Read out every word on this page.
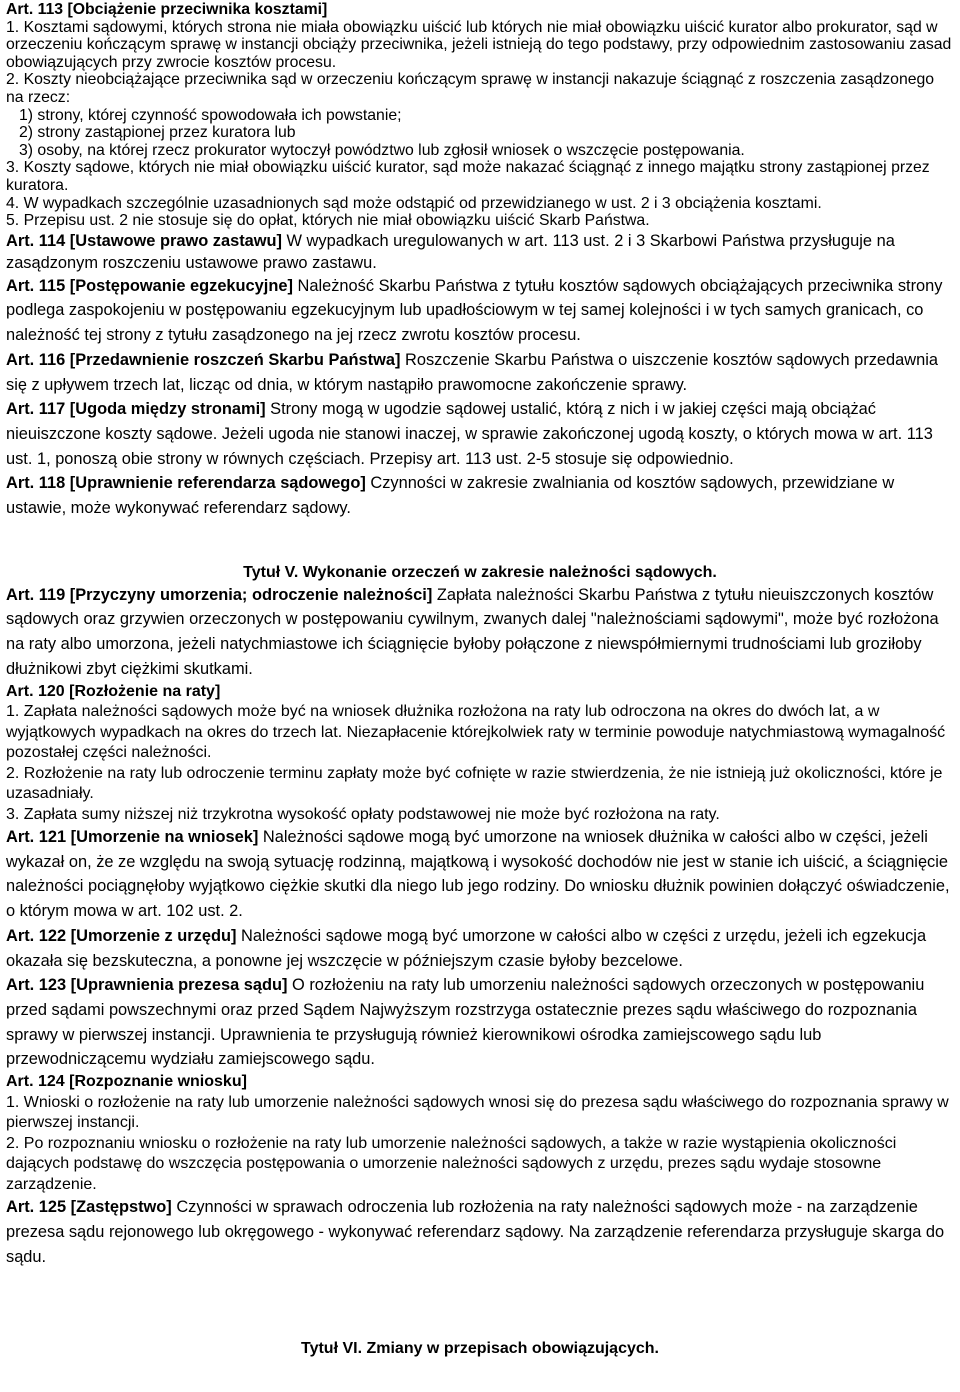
Art. 113 [Obciążenie przeciwnika kosztami]

1. Kosztami sądowymi, których strona nie miała obowiązku uiścić lub których nie miał obowiązku uiścić kurator albo prokurator, sąd w orzeczeniu kończącym sprawę w instancji obciąży przeciwnika, jeżeli istnieją do tego podstawy, przy odpowiednim zastosowaniu zasad obowiązujących przy zwrocie kosztów procesu.

2. Koszty nieobciążające przeciwnika sąd w orzeczeniu kończącym sprawę w instancji nakazuje ściągnąć z roszczenia zasądzonego na rzecz:

1) strony, której czynność spowodowała ich powstanie;

2) strony zastąpionej przez kuratora lub

3) osoby, na której rzecz prokurator wytoczył powództwo lub zgłosił wniosek o wszczęcie postępowania.

3. Koszty sądowe, których nie miał obowiązku uiścić kurator, sąd może nakazać ściągnąć z innego majątku strony zastąpionej przez kuratora.

4. W wypadkach szczególnie uzasadnionych sąd może odstąpić od przewidzianego w ust. 2 i 3 obciążenia kosztami.

5. Przepisu ust. 2 nie stosuje się do opłat, których nie miał obowiązku uiścić Skarb Państwa.

Art. 114 [Ustawowe prawo zastawu] W wypadkach uregulowanych w art. 113 ust. 2 i 3 Skarbowi Państwa przysługuje na zasądzonym roszczeniu ustawowe prawo zastawu.

Art. 115 [Postępowanie egzekucyjne] Należność Skarbu Państwa z tytułu kosztów sądowych obciążających przeciwnika strony podlega zaspokojeniu w postępowaniu egzekucyjnym lub upadłościowym w tej samej kolejności i w tych samych granicach, co należność tej strony z tytułu zasądzonego na jej rzecz zwrotu kosztów procesu.

Art. 116 [Przedawnienie roszczeń Skarbu Państwa] Roszczenie Skarbu Państwa o uiszczenie kosztów sądowych przedawnia się z upływem trzech lat, licząc od dnia, w którym nastąpiło prawomocne zakończenie sprawy.

Art. 117 [Ugoda między stronami] Strony mogą w ugodzie sądowej ustalić, którą z nich i w jakiej części mają obciążać nieuiszczone koszty sądowe. Jeżeli ugoda nie stanowi inaczej, w sprawie zakończonej ugodą koszty, o których mowa w art. 113 ust. 1, ponoszą obie strony w równych częściach. Przepisy art. 113 ust. 2-5 stosuje się odpowiednio.

Art. 118 [Uprawnienie referendarza sądowego] Czynności w zakresie zwalniania od kosztów sądowych, przewidziane w ustawie, może wykonywać referendarz sądowy.

Tytuł V. Wykonanie orzeczeń w zakresie należności sądowych.

Art. 119 [Przyczyny umorzenia; odroczenie należności] Zapłata należności Skarbu Państwa z tytułu nieuiszczonych kosztów sądowych oraz grzywien orzeczonych w postępowaniu cywilnym, zwanych dalej "należnościami sądowymi", może być rozłożona na raty albo umorzona, jeżeli natychmiastowe ich ściągnięcie byłoby połączone z niewspółmiernymi trudnościami lub groziłoby dłużnikowi zbyt ciężkimi skutkami.

Art. 120 [Rozłożenie na raty]

1. Zapłata należności sądowych może być na wniosek dłużnika rozłożona na raty lub odroczona na okres do dwóch lat, a w wyjątkowych wypadkach na okres do trzech lat. Niezapłacenie którejkolwiek raty w terminie powoduje natychmiastową wymagalność pozostałej części należności.

2. Rozłożenie na raty lub odroczenie terminu zapłaty może być cofnięte w razie stwierdzenia, że nie istnieją już okoliczności, które je uzasadniały.

3. Zapłata sumy niższej niż trzykrotna wysokość opłaty podstawowej nie może być rozłożona na raty.

Art. 121 [Umorzenie na wniosek] Należności sądowe mogą być umorzone na wniosek dłużnika w całości albo w części, jeżeli wykazał on, że ze względu na swoją sytuację rodzinną, majątkową i wysokość dochodów nie jest w stanie ich uiścić, a ściągnięcie należności pociągnęłoby wyjątkowo ciężkie skutki dla niego lub jego rodziny. Do wniosku dłużnik powinien dołączyć oświadczenie, o którym mowa w art. 102 ust. 2.

Art. 122 [Umorzenie z urzędu] Należności sądowe mogą być umorzone w całości albo w części z urzędu, jeżeli ich egzekucja okazała się bezskuteczna, a ponowne jej wszczęcie w późniejszym czasie byłoby bezcelowe.

Art. 123 [Uprawnienia prezesa sądu] O rozłożeniu na raty lub umorzeniu należności sądowych orzeczonych w postępowaniu przed sądami powszechnymi oraz przed Sądem Najwyższym rozstrzyga ostatecznie prezes sądu właściwego do rozpoznania sprawy w pierwszej instancji. Uprawnienia te przysługują również kierownikowi ośrodka zamiejscowego sądu lub przewodniczącemu wydziału zamiejscowego sądu.

Art. 124 [Rozpoznanie wniosku]

1. Wnioski o rozłożenie na raty lub umorzenie należności sądowych wnosi się do prezesa sądu właściwego do rozpoznania sprawy w pierwszej instancji.

2. Po rozpoznaniu wniosku o rozłożenie na raty lub umorzenie należności sądowych, a także w razie wystąpienia okoliczności dających podstawę do wszczęcia postępowania o umorzenie należności sądowych z urzędu, prezes sądu wydaje stosowne zarządzenie.

Art. 125 [Zastępstwo] Czynności w sprawach odroczenia lub rozłożenia na raty należności sądowych może - na zarządzenie prezesa sądu rejonowego lub okręgowego - wykonywać referendarz sądowy. Na zarządzenie referendarza przysługuje skarga do sądu.

Tytuł VI. Zmiany w przepisach obowiązujących.
